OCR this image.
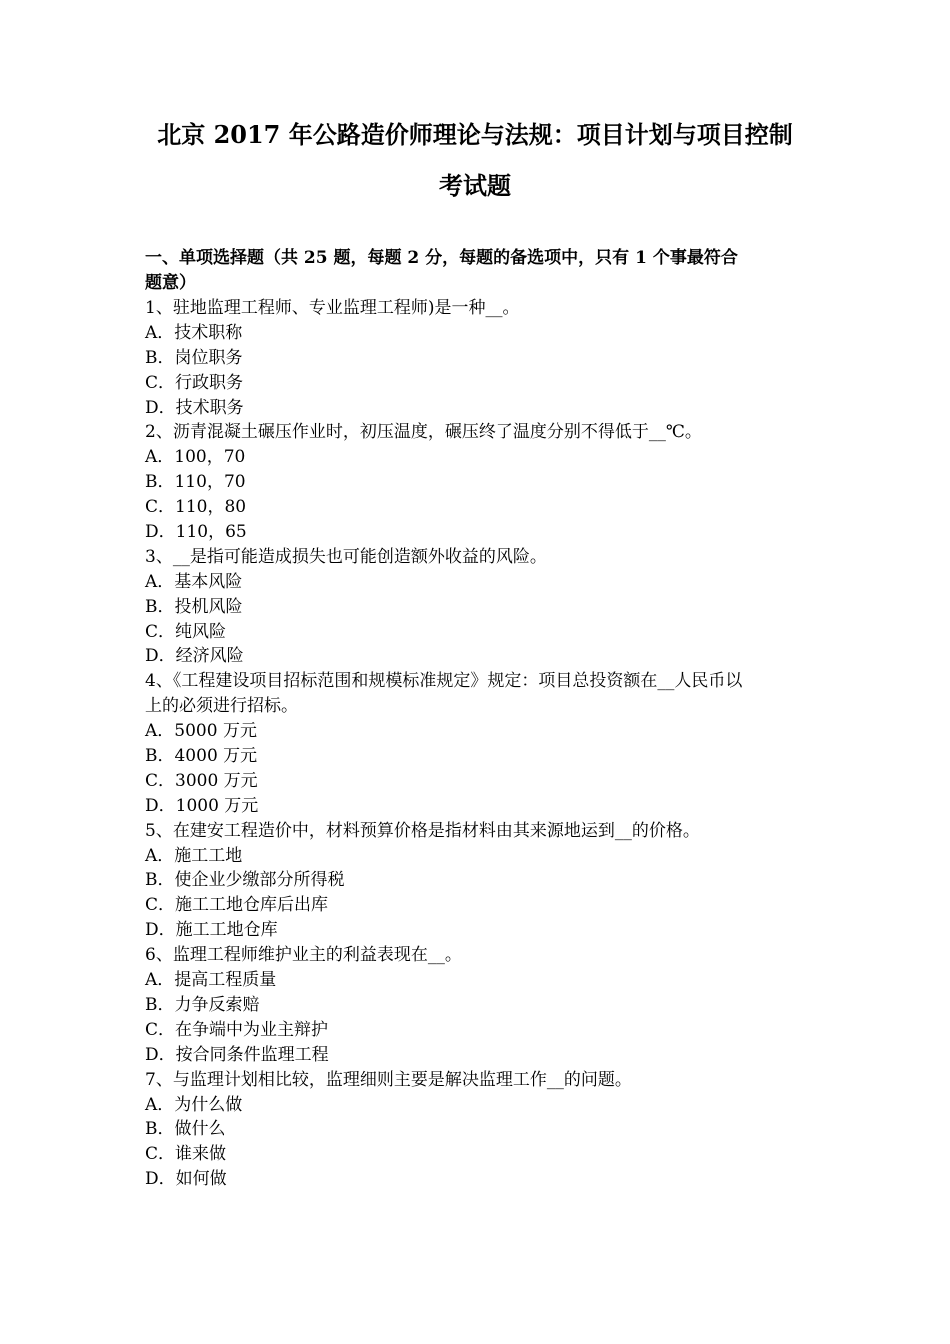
北京 2017 年公路造价师理论与法规：项目计划与项目控制
考试题
一、单项选择题（共 25 题，每题 2 分，每题的备选项中，只有 1 个事最符合
题意）
1、驻地监理工程师、专业监理工程师)是一种__。
A．技术职称
B．岗位职务
C．行政职务
D．技术职务
2、沥青混凝土碾压作业时，初压温度，碾压终了温度分别不得低于__℃。
A．100，70
B．110，70
C．110，80
D．110，65
3、__是指可能造成损失也可能创造额外收益的风险。
A．基本风险
B．投机风险
C．纯风险
D．经济风险
4、《工程建设项目招标范围和规模标准规定》规定：项目总投资额在__人民币以
上的必须进行招标。
A．5000 万元
B．4000 万元
C．3000 万元
D．1000 万元
5、在建安工程造价中，材料预算价格是指材料由其来源地运到__的价格。
A．施工工地
B．使企业少缴部分所得税
C．施工工地仓库后出库
D．施工工地仓库
6、监理工程师维护业主的利益表现在__。
A．提高工程质量
B．力争反索赔
C．在争端中为业主辩护
D．按合同条件监理工程
7、与监理计划相比较，监理细则主要是解决监理工作__的问题。
A．为什么做
B．做什么
C．谁来做
D．如何做
